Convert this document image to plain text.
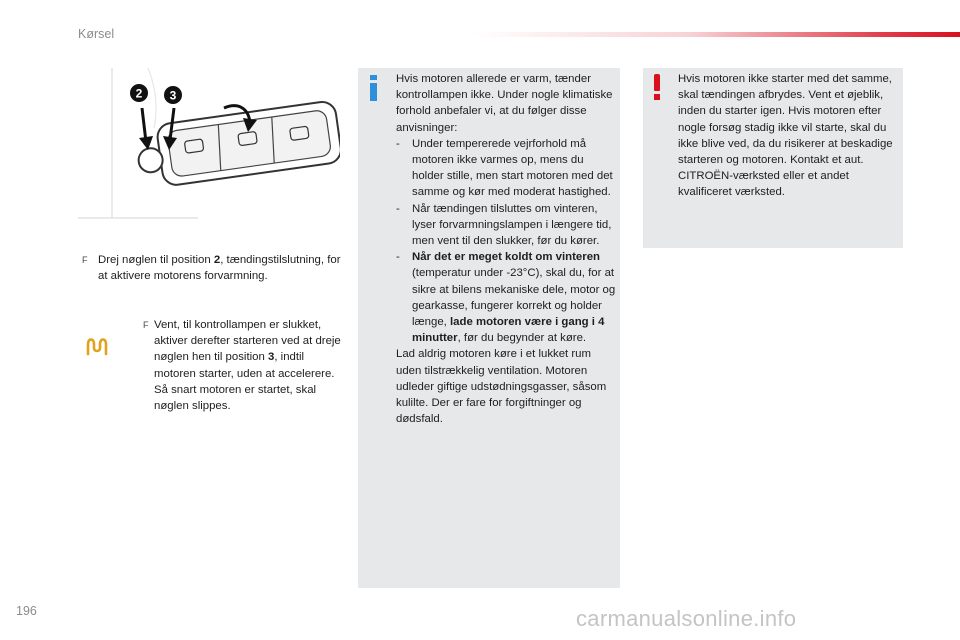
Kørsel
2 3
F Drej nøglen til position 2, tændingstilslutning, for at aktivere motorens forvarmning.
F Vent, til kontrollampen er slukket, aktiver derefter starteren ved at dreje nøglen hen til position 3, indtil motoren starter, uden at accelerere. Så snart motoren er startet, skal nøglen slippes.
Hvis motoren allerede er varm, tænder kontrollampen ikke. Under nogle klimatiske forhold anbefaler vi, at du følger disse anvisninger:
- Under tempererede vejrforhold må motoren ikke varmes op, mens du holder stille, men start motoren med det samme og kør med moderat hastighed.
- Når tændingen tilsluttes om vinteren, lyser forvarmningslampen i længere tid, men vent til den slukker, før du kører.
- Når det er meget koldt om vinteren (temperatur under -23°C), skal du, for at sikre at bilens mekaniske dele, motor og gearkasse, fungerer korrekt og holder længe, lade motoren være i gang i 4 minutter, før du begynder at køre.
Lad aldrig motoren køre i et lukket rum uden tilstrækkelig ventilation. Motoren udleder giftige udstødningsgasser, såsom kulilte. Der er fare for forgiftninger og dødsfald.
Hvis motoren ikke starter med det samme, skal tændingen afbrydes. Vent et øjeblik, inden du starter igen. Hvis motoren efter nogle forsøg stadig ikke vil starte, skal du ikke blive ved, da du risikerer at beskadige starteren og motoren. Kontakt et aut. CITROËN-værksted eller et andet kvalificeret værksted.
196	carmanualsonline.info
